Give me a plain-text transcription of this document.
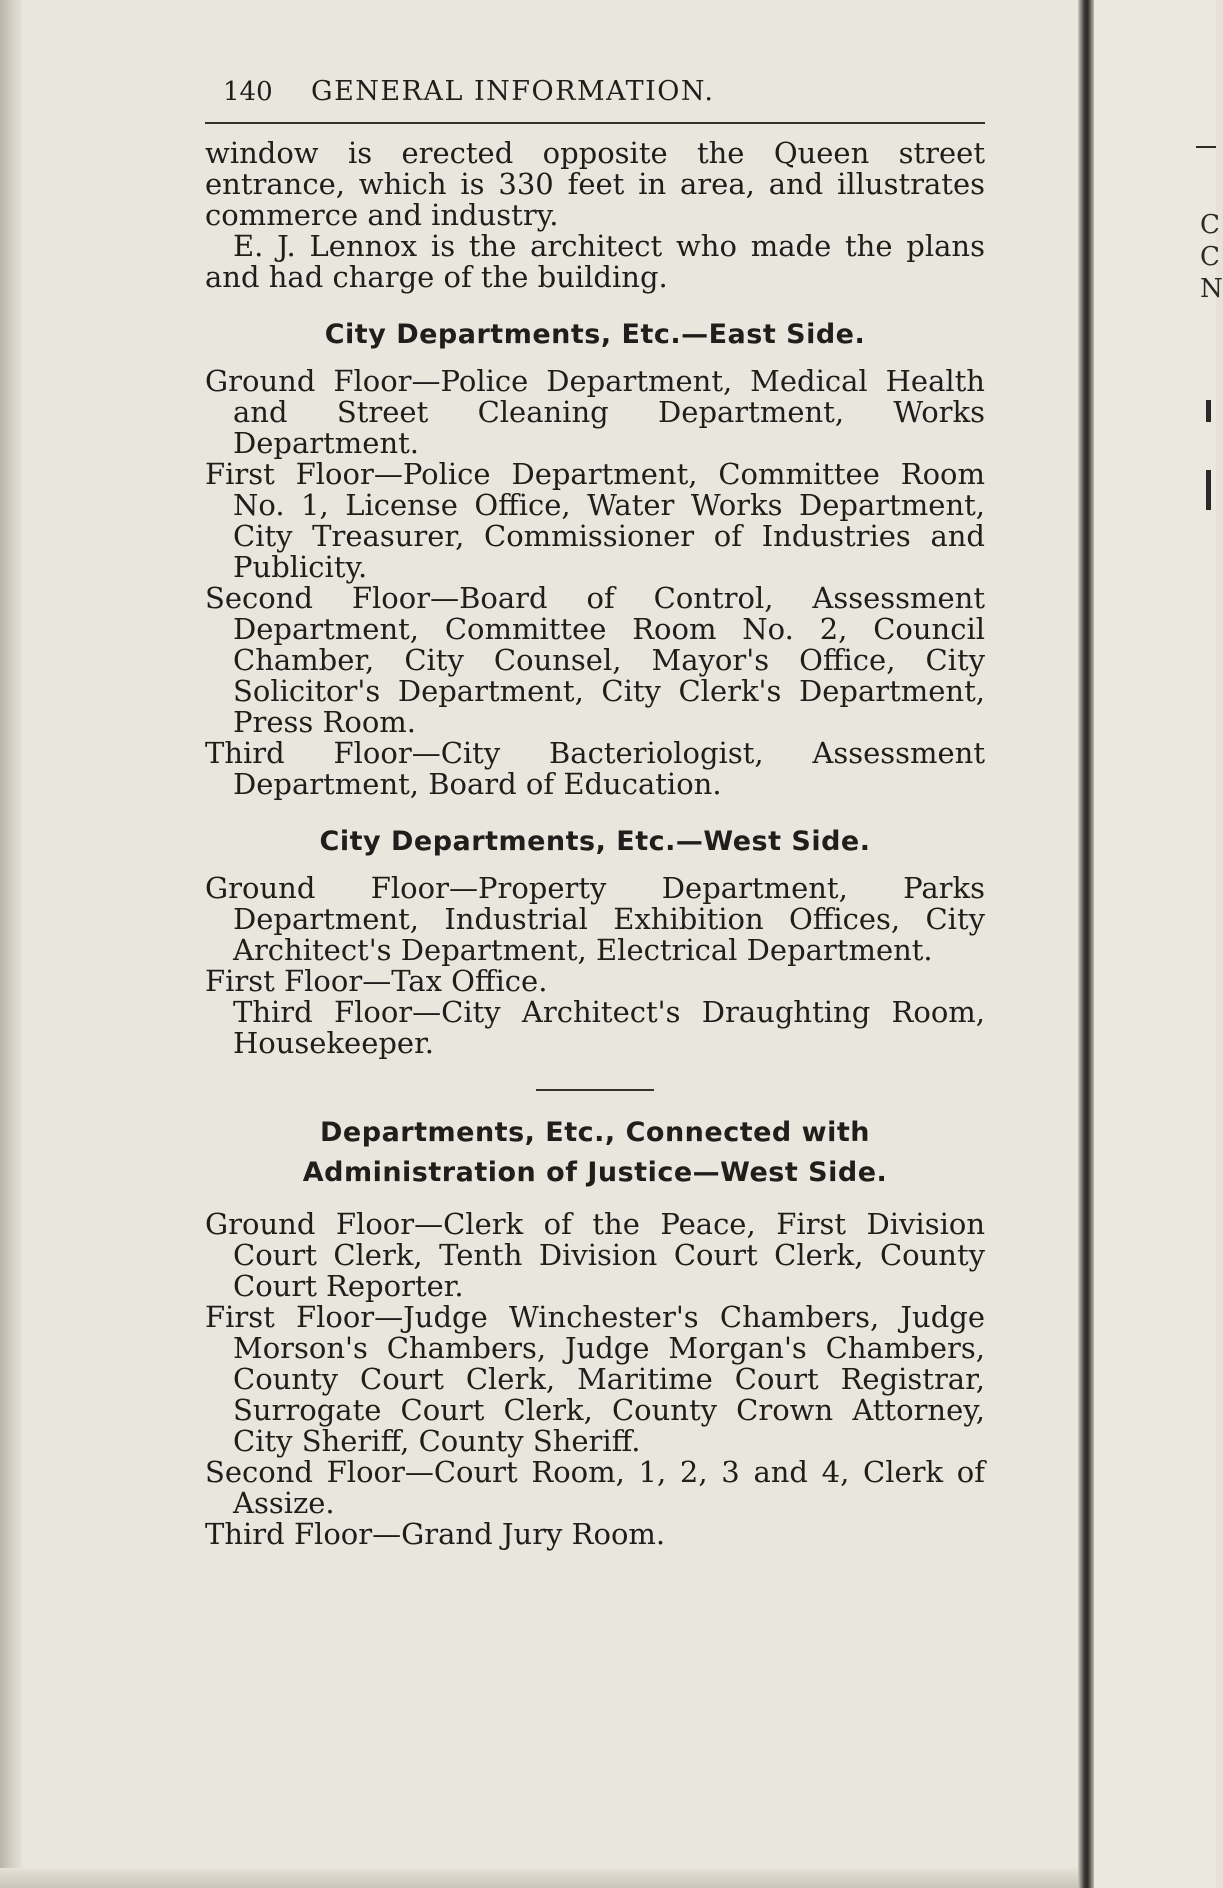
C
C
N
140	GENERAL INFORMATION.

window is erected opposite the Queen street entrance, which is 330 feet in area, and illustrates commerce and industry.

E. J. Lennox is the architect who made the plans and had charge of the building.

City Departments, Etc.—East Side.

Ground Floor—Police Department, Medical Health and Street Cleaning Department, Works Department.

First Floor—Police Department, Committee Room No. 1, License Office, Water Works Department, City Treasurer, Commissioner of Industries and Publicity.

Second Floor—Board of Control, Assessment Department, Committee Room No. 2, Council Chamber, City Counsel, Mayor's Office, City Solicitor's Department, City Clerk's Department, Press Room.

Third Floor—City Bacteriologist, Assessment Department, Board of Education.

City Departments, Etc.—West Side.

Ground Floor—Property Department, Parks Department, Industrial Exhibition Offices, City Architect's Department, Electrical Department.

First Floor—Tax Office.

Third Floor—City Architect's Draughting Room, Housekeeper.

Departments, Etc., Connected with Administration of Justice—West Side.

Ground Floor—Clerk of the Peace, First Division Court Clerk, Tenth Division Court Clerk, County Court Reporter.

First Floor—Judge Winchester's Chambers, Judge Morson's Chambers, Judge Morgan's Chambers, County Court Clerk, Maritime Court Registrar, Surrogate Court Clerk, County Crown Attorney, City Sheriff, County Sheriff.

Second Floor—Court Room, 1, 2, 3 and 4, Clerk of Assize.

Third Floor—Grand Jury Room.
